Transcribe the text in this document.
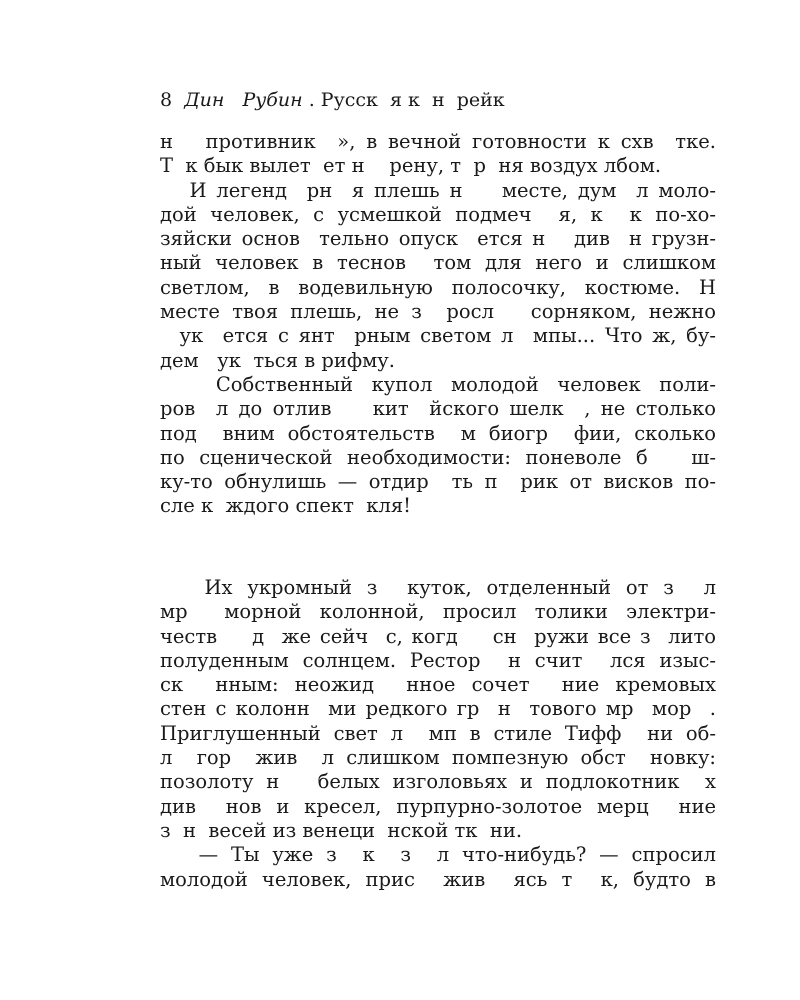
8 Дин   Рубин . Русск  я к  н  рейк
н   противник  », в вечной готовности к схв  тке.
Т  к бык вылет  ет н    рену, т  р  ня воздух лбом.
И легенд  рн  я плешь н    месте, дум  л моло-
дой человек, с усмешкой подмеч  я, к  к по-хо-
зяйски основ  тельно опуск  ется н   див  н грузн-
ный человек в теснов  том для него и слишком
светлом, в водевильную полосочку, костюме. Н
месте твоя плешь, не з  росл   сорняком, нежно
ук  ется с янт  рным светом л  мпы... Что ж, бу-
дем   ук  ться в рифму.
Собственный купол молодой человек поли-
ров  л до отлив    кит  йского шелк  , не столько
под  вним обстоятельств  м биогр  фии, сколько
по сценической необходимости: поневоле б   ш-
ку-то обнулишь — отдир  ть п  рик от висков по-
сле к  ждого спект  кля!
Их укромный з  куток, отделенный от з  л
мр  морной колонной, просил толики электри-
честв    д  же сейч  с, когд    сн  ружи все з  лито
полуденным солнцем. Рестор  н счит  лся изыс-
ск  нным: неожид  нное сочет  ние кремовых
стен с колонн  ми редкого гр  н  тового мр  мор  .
Приглушенный свет л  мп в стиле Тифф  ни об-
л  гор  жив  л слишком помпезную обст  новку:
позолоту н   белых изголовьях и подлокотник  х
див  нов и кресел, пурпурно-золотое мерц  ние
з  н  весей из венеци  нской тк  ни.
— Ты уже з  к  з  л что-нибудь? — спросил
молодой человек, прис  жив  ясь т  к, будто в
